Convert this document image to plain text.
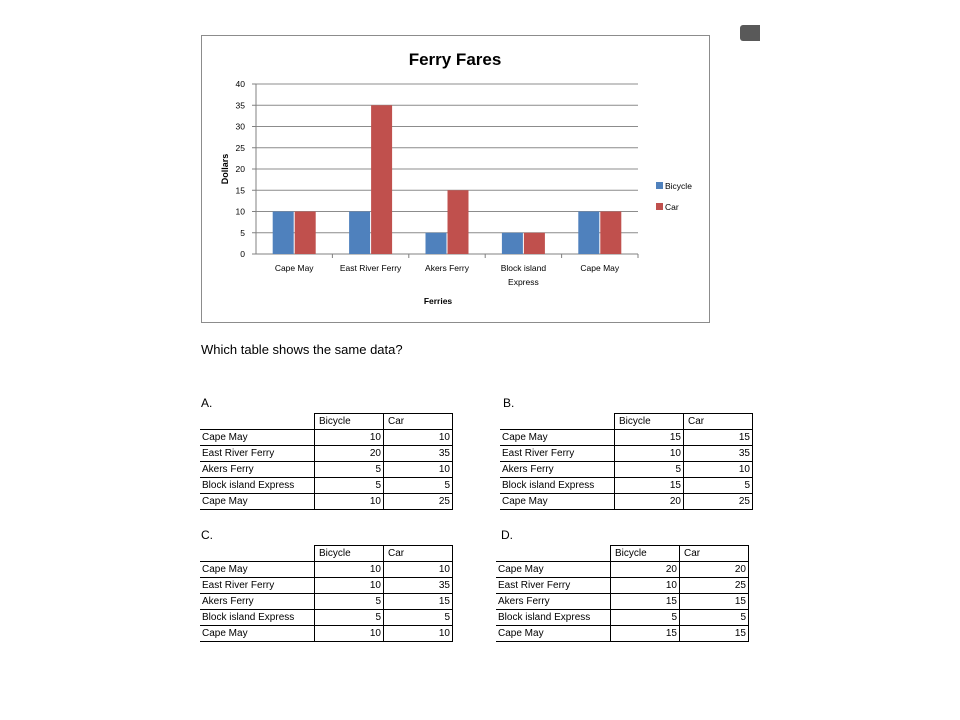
Ferry Fares
0
5
10
15
20
25
30
35
40
Dollars
Cape May	East River Ferry	Akers Ferry	Block island Express
Cape May
Ferries
Bicycle
Car
Which table shows the same data?
A.	B.
C.	D.
	Bicycle	Car
Cape May	10	10
East River Ferry	20	35
Akers Ferry	5	10
Block island Express	5	5
Cape May	10	25
	Bicycle	Car
Cape May	15	15
East River Ferry	10	35
Akers Ferry	5	10
Block island Express	15	5
Cape May	20	25
	Bicycle	Car
Cape May	10	10
East River Ferry	10	35
Akers Ferry	5	15
Block island Express	5	5
Cape May	10	10
	Bicycle	Car
Cape May	20	20
East River Ferry	10	25
Akers Ferry	15	15
Block island Express	5	5
Cape May	15	15
